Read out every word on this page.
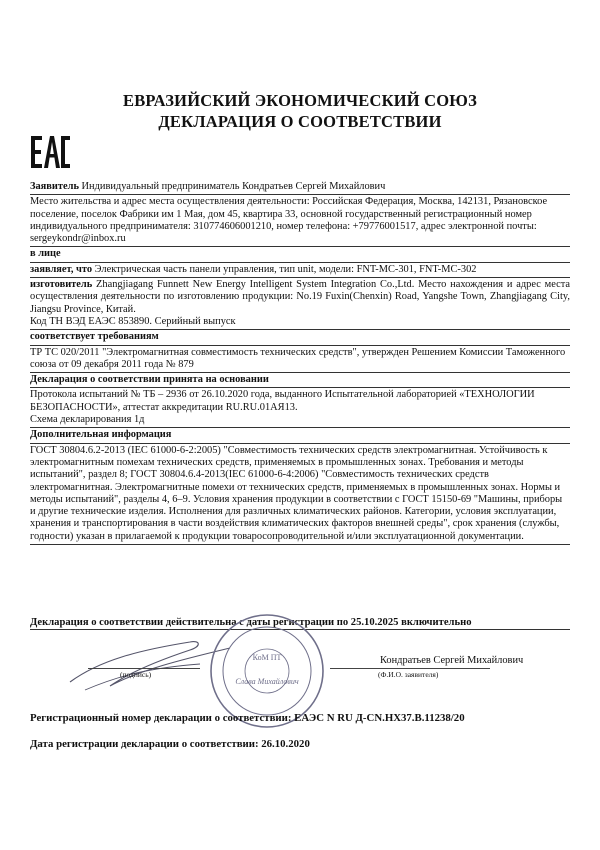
ЕВРАЗИЙСКИЙ ЭКОНОМИЧЕСКИЙ СОЮЗ
ДЕКЛАРАЦИЯ О СООТВЕТСТВИИ
Заявитель Индивидуальный предприниматель Кондратьев Сергей Михайлович
Место жительства и адрес места осуществления деятельности: Российская Федерация, Москва, 142131, Рязановское поселение, поселок Фабрики им 1 Мая, дом 45, квартира 33, основной государственный регистрационный номер индивидуального предпринимателя: 310774606001210, номер телефона: +79776001517, адрес электронной почты: sergeykondr@inbox.ru
в лице
заявляет, что Электрическая часть панели управления, тип unit, модели: FNT-MC-301, FNT-MC-302
изготовитель Zhangjiagang Funnett New Energy Intelligent System Integration Co.,Ltd. Место нахождения и адрес места осуществления деятельности по изготовлению продукции: No.19 Fuxin(Chenxin) Road, Yangshe Town, Zhangjiagang City, Jiangsu Province, Китай.
Код ТН ВЭД ЕАЭС 853890. Серийный выпуск
соответствует требованиям
ТР ТС 020/2011 "Электромагнитная совместимость технических средств", утвержден Решением Комиссии Таможенного союза от 09 декабря 2011 года № 879
Декларация о соответствии принята на основании
Протокола испытаний № ТБ – 2936 от 26.10.2020 года, выданного Испытательной лабораторией «ТЕХНОЛОГИИ БЕЗОПАСНОСТИ», аттестат аккредитации RU.RU.01АЯ13.
Схема декларирования 1д
Дополнительная информация
ГОСТ 30804.6.2-2013 (IEC 61000-6-2:2005) "Совместимость технических средств электромагнитная. Устойчивость к электромагнитным помехам технических средств, применяемых в промышленных зонах. Требования и методы испытаний", раздел 8; ГОСТ 30804.6.4-2013(IEC 61000-6-4:2006) "Совместимость технических средств электромагнитная. Электромагнитные помехи от технических средств, применяемых в промышленных зонах. Нормы и методы испытаний", разделы 4, 6–9. Условия хранения продукции в соответствии с ГОСТ 15150-69 "Машины, приборы и другие технические изделия. Исполнения для различных климатических районов. Категории, условия эксплуатации, хранения и транспортирования в части воздействия климатических факторов внешней среды", срок хранения (службы, годности) указан в прилагаемой к продукции товаросопроводительной и/или эксплуатационной документации.
Декларация о соответствии действительна с даты регистрации по 25.10.2025 включительно
КоМ ПТ
Слава Михайлович
Кондратьев Сергей Михайлович
(подпись)	(Ф.И.О. заявителя)
Регистрационный номер декларации о соответствии: ЕАЭС N RU Д-CN.НХ37.В.11238/20
Дата регистрации декларации о соответствии: 26.10.2020
